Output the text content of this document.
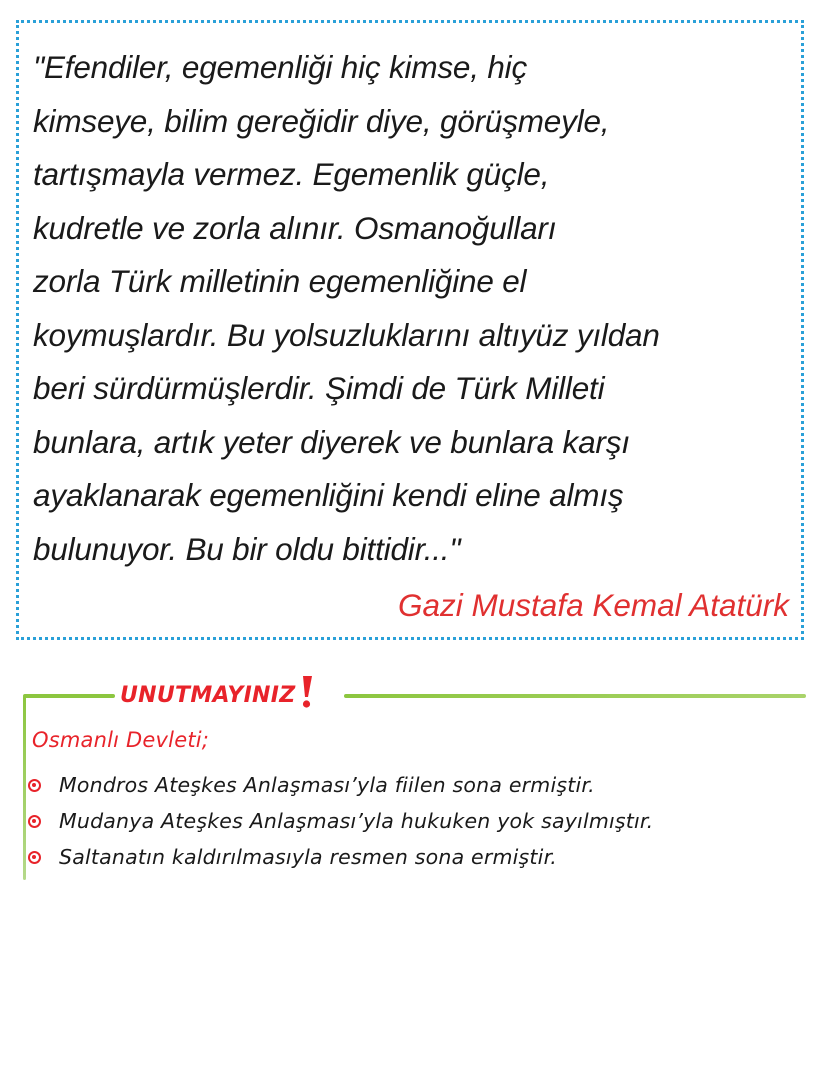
"Efendiler, egemenliği hiç kimse, hiç
kimseye, bilim gereğidir diye, görüşmeyle,
tartışmayla vermez. Egemenlik güçle,
kudretle ve zorla alınır. Osmanoğulları
zorla Türk milletinin egemenliğine el
koymuşlardır. Bu yolsuzluklarını altıyüz yıldan
beri sürdürmüşlerdir. Şimdi de Türk Milleti
bunlara, artık yeter diyerek ve bunlara karşı
ayaklanarak egemenliğini kendi eline almış
bulunuyor. Bu bir oldu bittidir..."

Gazi Mustafa Kemal Atatürk

UNUTMAYINIZ

Osmanlı Devleti;

Mondros Ateşkes Anlaşması’yla fiilen sona ermiştir.
Mudanya Ateşkes Anlaşması’yla hukuken yok sayılmıştır.
Saltanatın kaldırılmasıyla resmen sona ermiştir.
